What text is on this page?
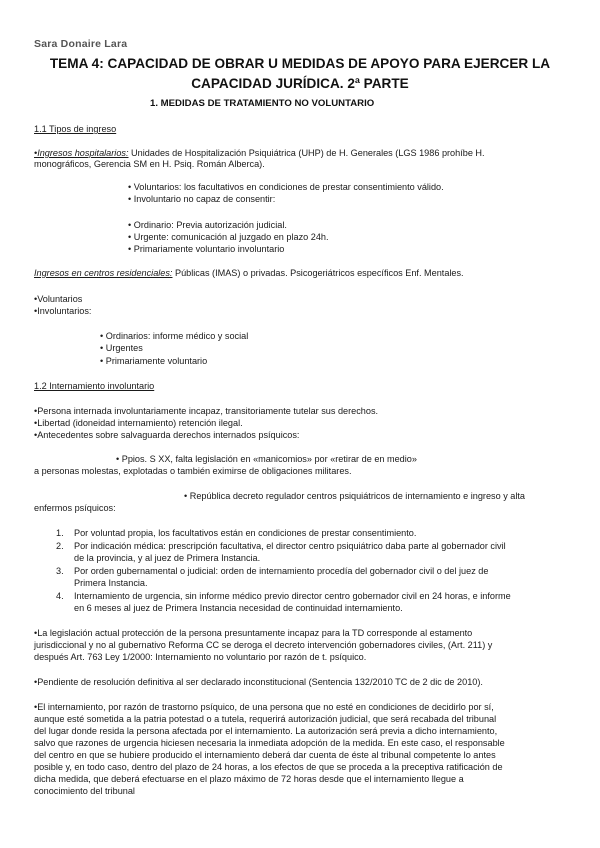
Sara Donaire Lara
TEMA 4: CAPACIDAD DE OBRAR U MEDIDAS DE APOYO PARA EJERCER LA
CAPACIDAD JURÍDICA. 2ª PARTE
1. MEDIDAS DE TRATAMIENTO NO VOLUNTARIO
1.1 Tipos de ingreso
•Ingresos hospitalarios: Unidades de Hospitalización Psiquiátrica (UHP) de H. Generales (LGS 1986 prohíbe H.
monográficos, Gerencia SM en H. Psiq. Román Alberca).
• Voluntarios: los facultativos en condiciones de prestar consentimiento válido.
• Involuntario no capaz de consentir:
• Ordinario: Previa autorización judicial.
• Urgente: comunicación al juzgado en plazo 24h.
• Primariamente voluntario involuntario
Ingresos en centros residenciales: Públicas (IMAS) o privadas. Psicogeriátricos específicos Enf. Mentales.
•Voluntarios
•Involuntarios:
• Ordinarios: informe médico y social
• Urgentes
• Primariamente voluntario
1.2 Internamiento involuntario
•Persona internada involuntariamente incapaz, transitoriamente tutelar sus derechos.
•Libertad (idoneidad internamiento) retención ilegal.
•Antecedentes sobre salvaguarda derechos internados psíquicos:
• Ppios. S XX, falta legislación en «manicomios» por «retirar de en medio»
a personas molestas, explotadas o también eximirse de obligaciones militares.
• República decreto regulador centros psiquiátricos de internamiento e ingreso y alta
enfermos psíquicos:
1. Por voluntad propia, los facultativos están en condiciones de prestar consentimiento.
2. Por indicación médica: prescripción facultativa, el director centro psiquiátrico daba parte al gobernador civil
de la provincia, y al juez de Primera Instancia.
3. Por orden gubernamental o judicial: orden de internamiento procedía del gobernador civil o del juez de
Primera Instancia.
4. Internamiento de urgencia, sin informe médico previo director centro gobernador civil en 24 horas, e informe
en 6 meses al juez de Primera Instancia necesidad de continuidad internamiento.
•La legislación actual protección de la persona presuntamente incapaz para la TD corresponde al estamento
jurisdiccional y no al gubernativo Reforma CC se deroga el decreto intervención gobernadores civiles, (Art. 211) y
después Art. 763 Ley 1/2000: Internamiento no voluntario por razón de t. psíquico.
•Pendiente de resolución definitiva al ser declarado inconstitucional (Sentencia 132/2010 TC de 2 dic de 2010).
•El internamiento, por razón de trastorno psíquico, de una persona que no esté en condiciones de decidirlo por sí,
aunque esté sometida a la patria potestad o a tutela, requerirá autorización judicial, que será recabada del tribunal
del lugar donde resida la persona afectada por el internamiento. La autorización será previa a dicho internamiento,
salvo que razones de urgencia hiciesen necesaria la inmediata adopción de la medida. En este caso, el responsable
del centro en que se hubiere producido el internamiento deberá dar cuenta de éste al tribunal competente lo antes
posible y, en todo caso, dentro del plazo de 24 horas, a los efectos de que se proceda a la preceptiva ratificación de
dicha medida, que deberá efectuarse en el plazo máximo de 72 horas desde que el internamiento llegue a
conocimiento del tribunal
